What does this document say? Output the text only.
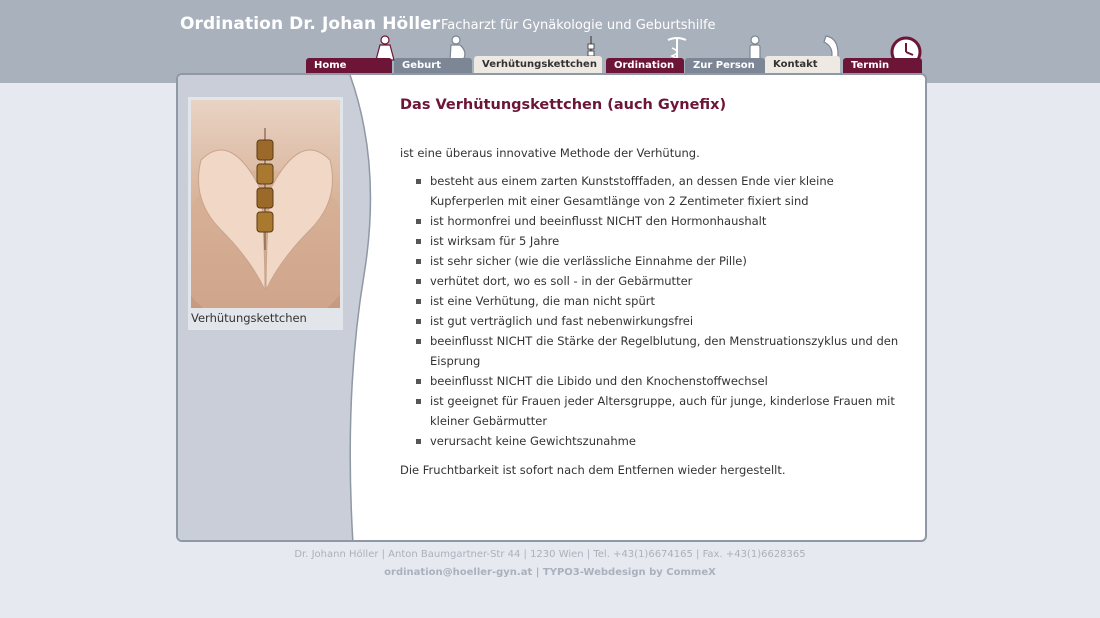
Ordination Dr. Johan Höller Facharzt für Gynäkologie und Geburtshilfe
Home	Geburt	Verhütungskettchen	Ordination	Zur Person	Kontakt	Termin
Verhütungskettchen
Das Verhütungskettchen (auch Gynefix)

ist eine überaus innovative Methode der Verhütung.

besteht aus einem zarten Kunststofffaden, an dessen Ende vier kleine Kupferperlen mit einer Gesamtlänge von 2 Zentimeter fixiert sind
ist hormonfrei und beeinflusst NICHT den Hormonhaushalt
ist wirksam für 5 Jahre
ist sehr sicher (wie die verlässliche Einnahme der Pille)
verhütet dort, wo es soll - in der Gebärmutter
ist eine Verhütung, die man nicht spürt
ist gut verträglich und fast nebenwirkungsfrei
beeinflusst NICHT die Stärke der Regelblutung, den Menstruationszyklus und den Eisprung
beeinflusst NICHT die Libido und den Knochenstoffwechsel
ist geeignet für Frauen jeder Altersgruppe, auch für junge, kinderlose Frauen mit kleiner Gebärmutter
verursacht keine Gewichtszunahme

Die Fruchtbarkeit ist sofort nach dem Entfernen wieder hergestellt.

Dr. Johann Höller | Anton Baumgartner-Str 44 | 1230 Wien | Tel. +43(1)6674165 | Fax. +43(1)6628365
ordination@hoeller-gyn.at | TYPO3-Webdesign by CommeX
